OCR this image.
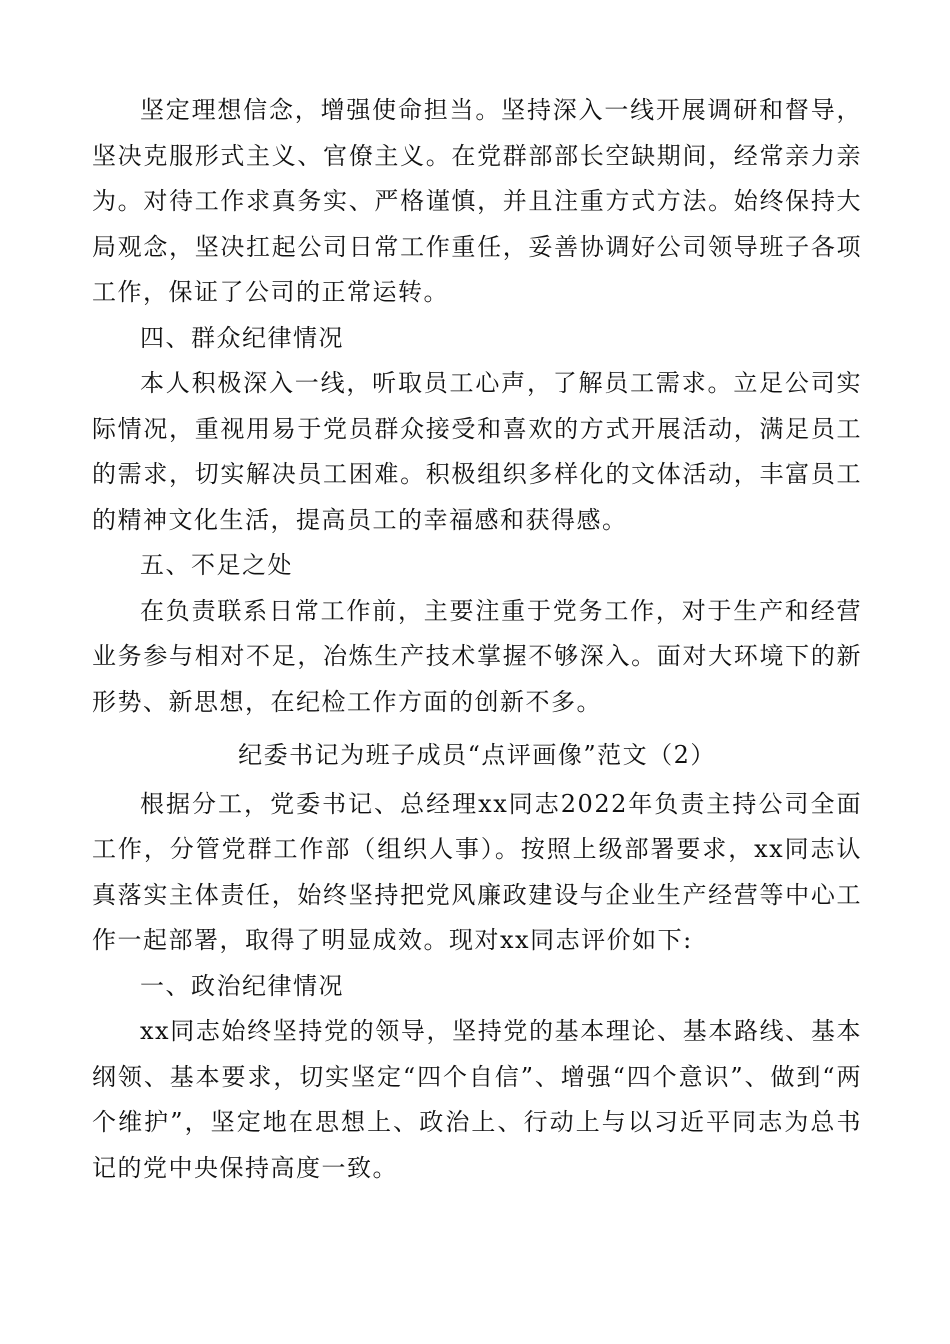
坚定理想信念，增强使命担当。坚持深入一线开展调研和督导，坚决克服形式主义、官僚主义。在党群部部长空缺期间，经常亲力亲为。对待工作求真务实、严格谨慎，并且注重方式方法。始终保持大局观念，坚决扛起公司日常工作重任，妥善协调好公司领导班子各项工作，保证了公司的正常运转。

四、群众纪律情况

本人积极深入一线，听取员工心声，了解员工需求。立足公司实际情况，重视用易于党员群众接受和喜欢的方式开展活动，满足员工的需求，切实解决员工困难。积极组织多样化的文体活动，丰富员工的精神文化生活，提高员工的幸福感和获得感。

五、不足之处

在负责联系日常工作前，主要注重于党务工作，对于生产和经营业务参与相对不足，冶炼生产技术掌握不够深入。面对大环境下的新形势、新思想，在纪检工作方面的创新不多。

纪委书记为班子成员“点评画像”范文（2）

根据分工，党委书记、总经理xx同志2022年负责主持公司全面工作，分管党群工作部（组织人事）。按照上级部署要求，xx同志认真落实主体责任，始终坚持把党风廉政建设与企业生产经营等中心工作一起部署，取得了明显成效。现对xx同志评价如下:

一、政治纪律情况

xx同志始终坚持党的领导，坚持党的基本理论、基本路线、基本纲领、基本要求，切实坚定“四个自信”、增强“四个意识”、做到“两个维护”，坚定地在思想上、政治上、行动上与以习近平同志为总书记的党中央保持高度一致。
